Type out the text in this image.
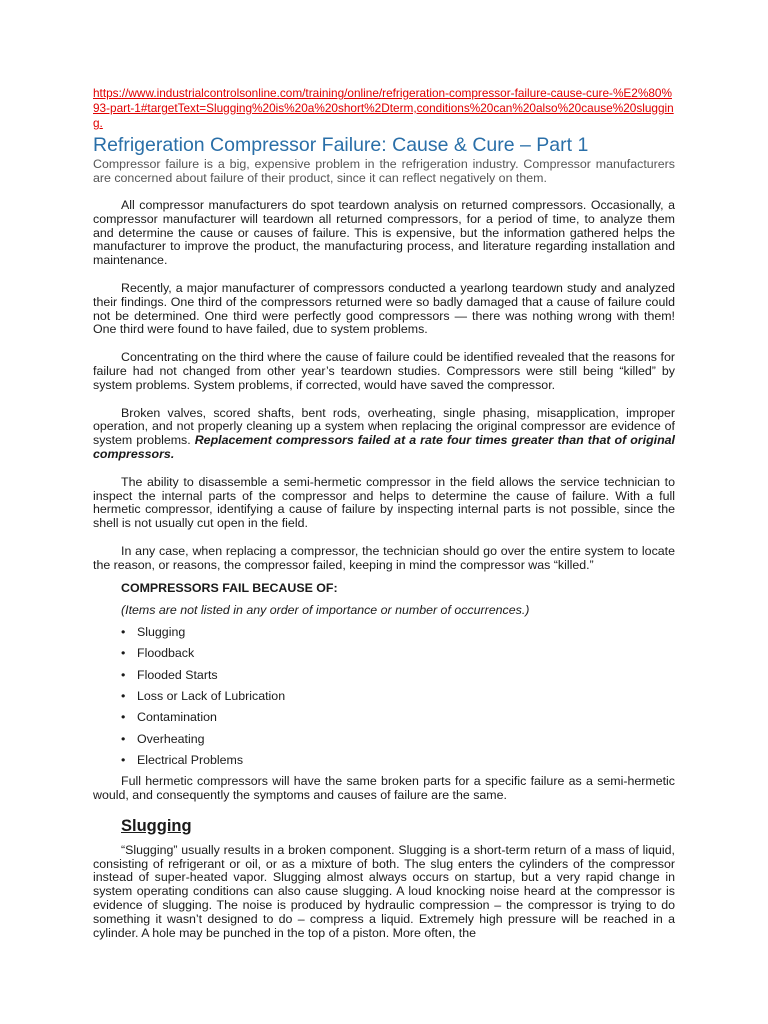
https://www.industrialcontrolsonline.com/training/online/refrigeration-compressor-failure-cause-cure-%E2%80%93-part-1#targetText=Slugging%20is%20a%20short%2Dterm,conditions%20can%20also%20cause%20slugging.
Refrigeration Compressor Failure: Cause & Cure – Part 1

Compressor failure is a big, expensive problem in the refrigeration industry. Compressor manufacturers are concerned about failure of their product, since it can reflect negatively on them.

All compressor manufacturers do spot teardown analysis on returned compressors. Occasionally, a compressor manufacturer will teardown all returned compressors, for a period of time, to analyze them and determine the cause or causes of failure. This is expensive, but the information gathered helps the manufacturer to improve the product, the manufacturing process, and literature regarding installation and maintenance.

Recently, a major manufacturer of compressors conducted a yearlong teardown study and analyzed their findings. One third of the compressors returned were so badly damaged that a cause of failure could not be determined. One third were perfectly good compressors — there was nothing wrong with them! One third were found to have failed, due to system problems.

Concentrating on the third where the cause of failure could be identified revealed that the reasons for failure had not changed from other year’s teardown studies. Compressors were still being “killed” by system problems. System problems, if corrected, would have saved the compressor.

Broken valves, scored shafts, bent rods, overheating, single phasing, misapplication, improper operation, and not properly cleaning up a system when replacing the original compressor are evidence of system problems. Replacement compressors failed at a rate four times greater than that of original compressors.

The ability to disassemble a semi-hermetic compressor in the field allows the service technician to inspect the internal parts of the compressor and helps to determine the cause of failure. With a full hermetic compressor, identifying a cause of failure by inspecting internal parts is not possible, since the shell is not usually cut open in the field.

In any case, when replacing a compressor, the technician should go over the entire system to locate the reason, or reasons, the compressor failed, keeping in mind the compressor was “killed.”

COMPRESSORS FAIL BECAUSE OF:

(Items are not listed in any order of importance or number of occurrences.)

• Slugging
• Floodback
• Flooded Starts
• Loss or Lack of Lubrication
• Contamination
• Overheating
• Electrical Problems

Full hermetic compressors will have the same broken parts for a specific failure as a semi-hermetic would, and consequently the symptoms and causes of failure are the same.

Slugging

“Slugging” usually results in a broken component. Slugging is a short-term return of a mass of liquid, consisting of refrigerant or oil, or as a mixture of both. The slug enters the cylinders of the compressor instead of super-heated vapor. Slugging almost always occurs on startup, but a very rapid change in system operating conditions can also cause slugging. A loud knocking noise heard at the compressor is evidence of slugging. The noise is produced by hydraulic compression – the compressor is trying to do something it wasn’t designed to do – compress a liquid. Extremely high pressure will be reached in a cylinder. A hole may be punched in the top of a piston. More often, the
